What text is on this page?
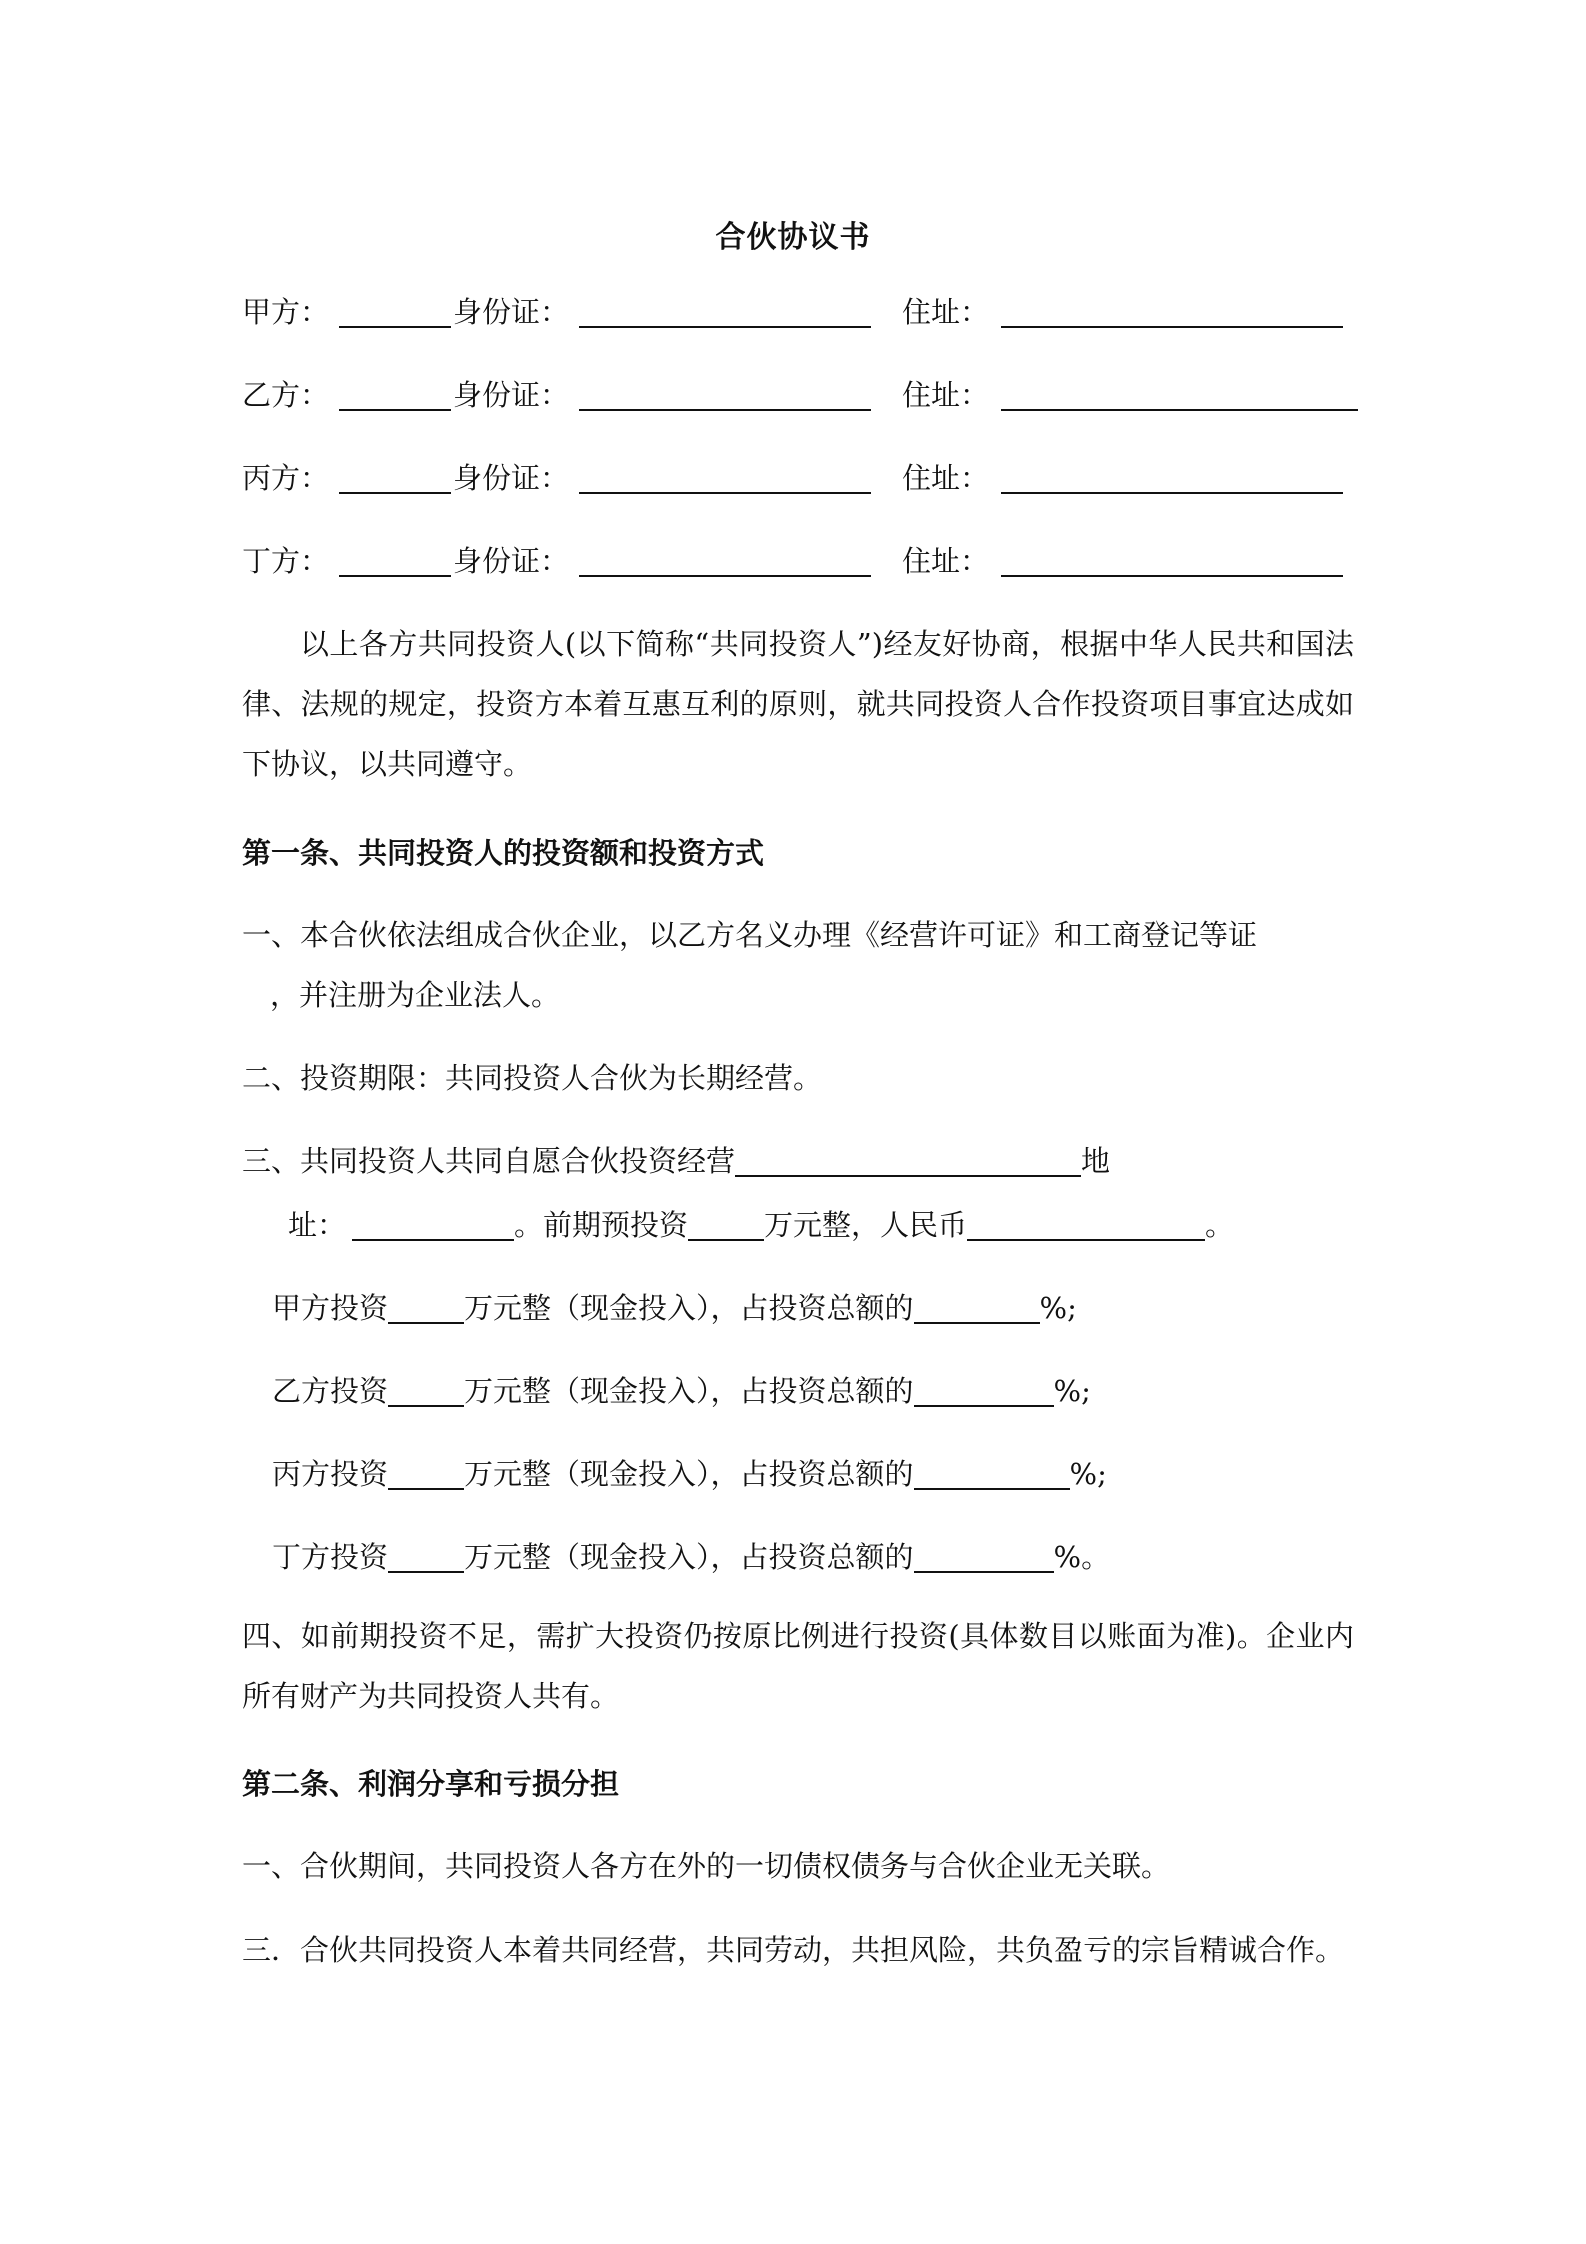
合伙协议书
甲方：	身份证：	住址：
乙方：	身份证：	住址：
丙方：	身份证：	住址：
丁方：	身份证：	住址：
以上各方共同投资人(以下简称“共同投资人”)经友好协商，根据中华人民共和国法律、法规的规定，投资方本着互惠互利的原则，就共同投资人合作投资项目事宜达成如下协议，以共同遵守。
第一条、共同投资人的投资额和投资方式
一、本合伙依法组成合伙企业，以乙方名义办理《经营许可证》和工商登记等证
，并注册为企业法人。
二、投资期限：共同投资人合伙为长期经营。
三、共同投资人共同自愿合伙投资经营	地
址：	。前期预投资	万元整，人民币	。
甲方投资	万元整（现金投入），占投资总额的	%;
乙方投资	万元整（现金投入），占投资总额的	%;
丙方投资	万元整（现金投入），占投资总额的	%;
丁方投资	万元整（现金投入），占投资总额的	%。
四、如前期投资不足，需扩大投资仍按原比例进行投资(具体数目以账面为准)。企业内所有财产为共同投资人共有。
第二条、利润分享和亏损分担
一、合伙期间，共同投资人各方在外的一切债权债务与合伙企业无关联。
三．合伙共同投资人本着共同经营，共同劳动，共担风险，共负盈亏的宗旨精诚合作。
